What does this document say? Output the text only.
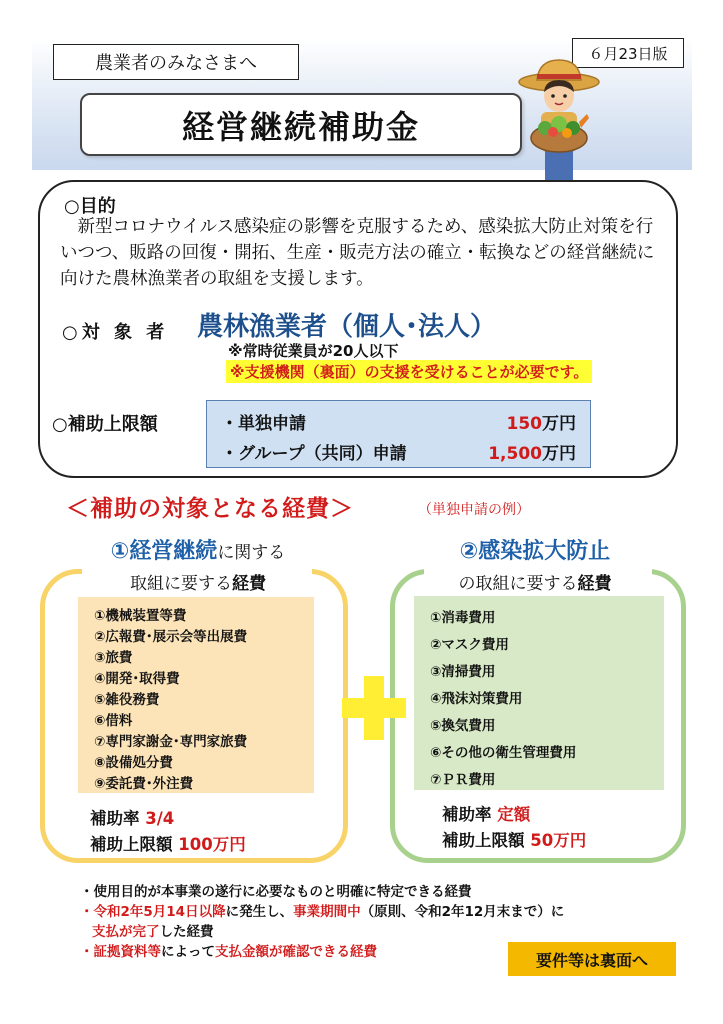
農業者のみなさまへ	６月23日版
経営継続補助金
○目的
新型コロナウイルス感染症の影響を克服するため、感染拡大防止対策を行いつつ、販路の回復・開拓、生産・販売方法の確立・転換などの経営継続に向けた農林漁業者の取組を支援します。
○対 象 者 農林漁業者（個人･法人）
※常時従業員が20人以下
※支援機関（裏面）の支援を受けることが必要です。
○補助上限額	・単独申請	150万円
・グループ（共同）申請	1,500万円
＜補助の対象となる経費＞	（単独申請の例）
①経営継続に関する
取組に要する経費
②感染拡大防止
の取組に要する経費
①機械装置等費
②広報費･展示会等出展費
③旅費
④開発･取得費
⑤雑役務費
⑥借料
⑦専門家謝金･専門家旅費
⑧設備処分費
⑨委託費･外注費
①消毒費用
②マスク費用
③清掃費用
④飛沫対策費用
⑤換気費用
⑥その他の衛生管理費用
⑦ＰＲ費用
補助率 3/4
補助上限額 100万円
補助率 定額
補助上限額 50万円
・使用目的が本事業の遂行に必要なものと明確に特定できる経費
・令和2年5月14日以降に発生し、事業期間中（原則、令和2年12月末まで）に
支払が完了した経費
・証拠資料等によって支払金額が確認できる経費	要件等は裏面へ
